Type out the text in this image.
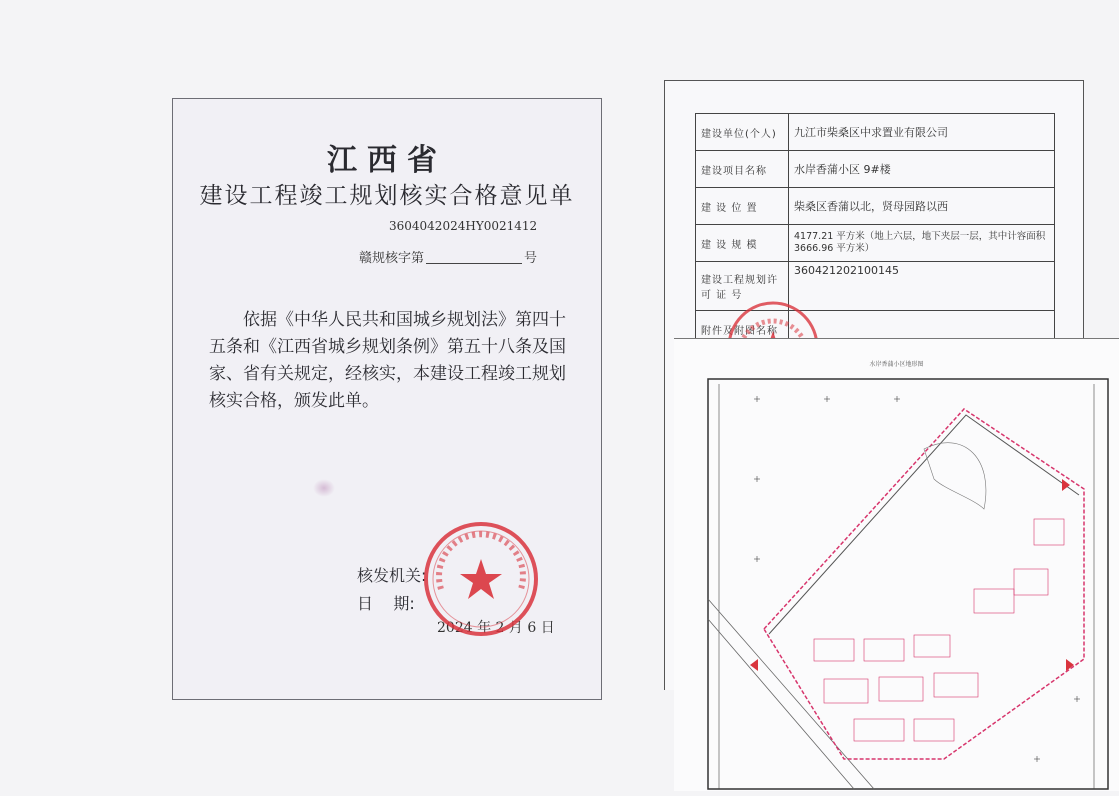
江西省
建设工程竣工规划核实合格意见单
3604042024HY0021412
赣规核字第	号
依据《中华人民共和国城乡规划法》第四十五条和《江西省城乡规划条例》第五十八条及国家、省有关规定，经核实，本建设工程竣工规划核实合格，颁发此单。
核发机关:
日    期:
2024 年 2 月 6 日
建设单位(个人)	九江市柴桑区中求置业有限公司
建设项目名称	水岸香蒲小区 9#楼
建 设 位 置	柴桑区香蒲以北，贤母园路以西
建 设 规 模	4177.21 平方米（地上六层，地下夹层一层，其中计容面积 3666.96 平方米）
建设工程规划许 可 证 号	360421202100145
附件及附图名称	
水岸香蒲小区地形图
